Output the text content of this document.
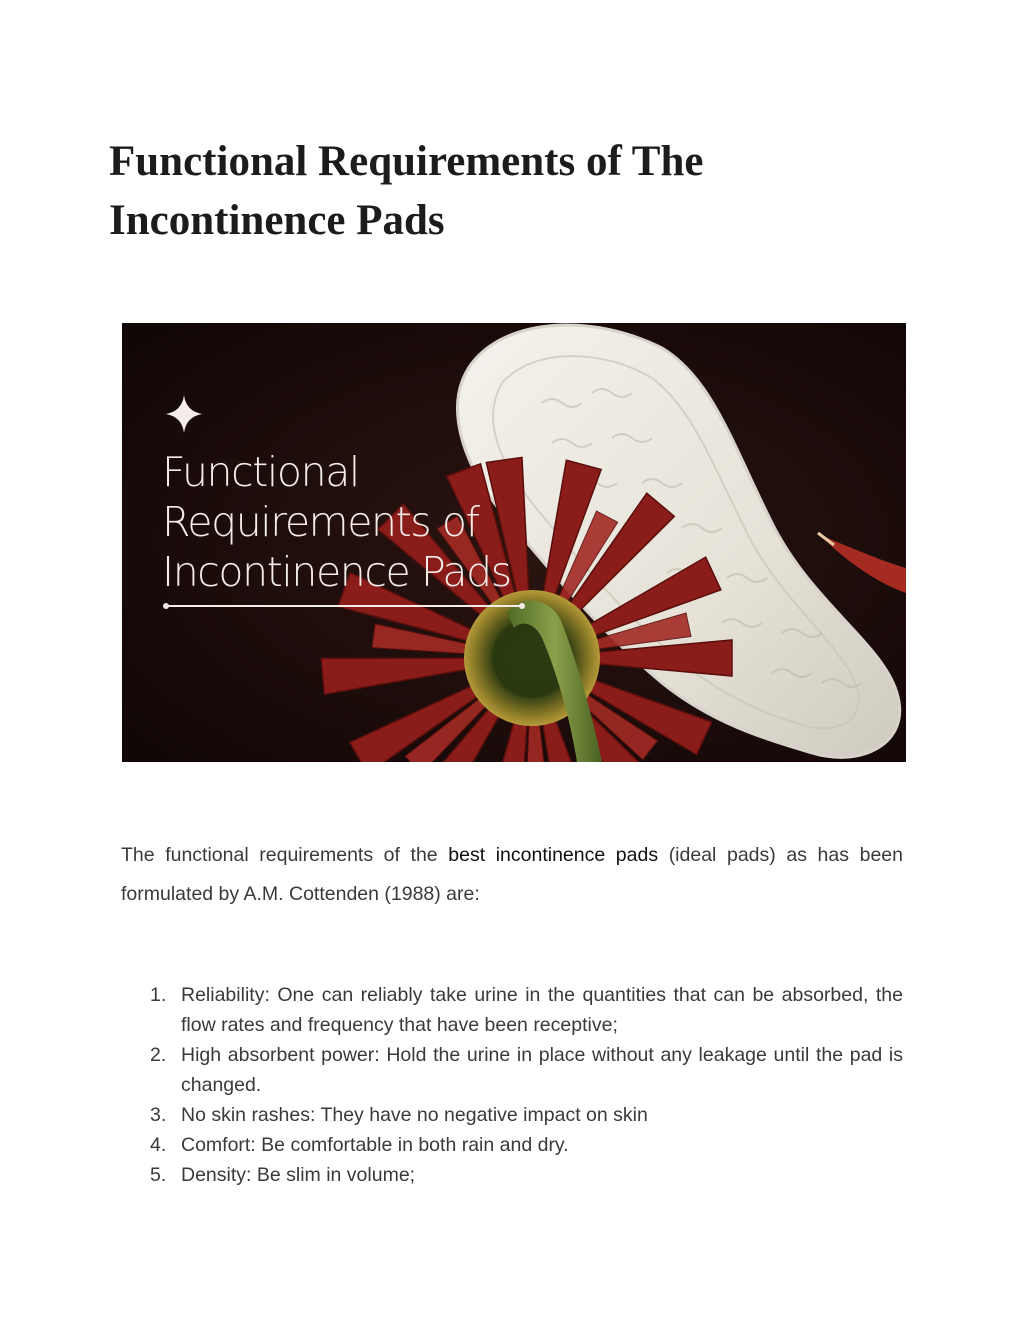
Functional Requirements of The Incontinence Pads
Functional
Requirements of
Incontinence Pads

The functional requirements of the best incontinence pads (ideal pads) as has been formulated by A.M. Cottenden (1988) are:

1. Reliability: One can reliably take urine in the quantities that can be absorbed, the flow rates and frequency that have been receptive;
2. High absorbent power: Hold the urine in place without any leakage until the pad is changed.
3. No skin rashes: They have no negative impact on skin
4. Comfort: Be comfortable in both rain and dry.
5. Density: Be slim in volume;
